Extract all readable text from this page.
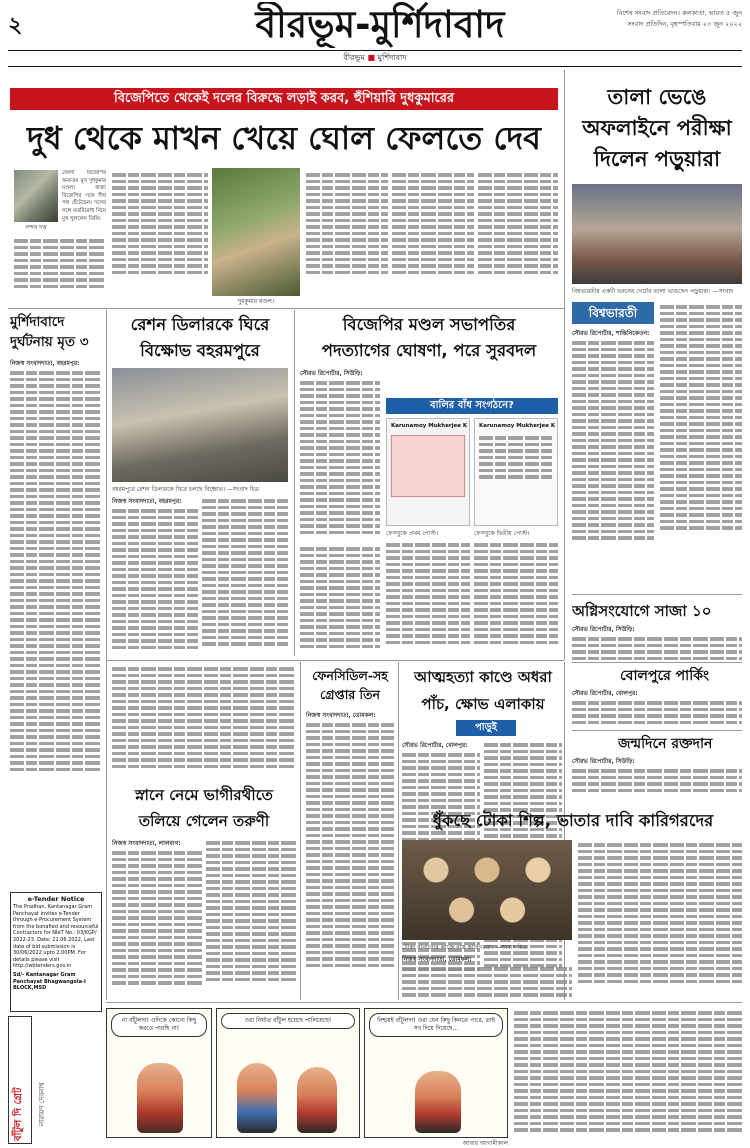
২	বীরভূম-মুর্শিদাবাদ	বিশেষ সংবাদ প্রতিবেদন। কলকাতা, ভারত ৫ জুন
সংবাদ প্রতিদিন, বৃহস্পতিবার ২৩ জুন ২০২২
বীরভূম ■ মুর্শিদাবাদ
বিজেপিতে থেকেই দলের বিরুদ্ধে লড়াই করব, হুঁশিয়ারি দুধকুমারের
দুধ থেকে মাখন খেয়ে ঘোল ফেলতে দেব
নন্দন দত্ত
জেলা বিজেপির অন্যতম মুখ দুধকুমার মণ্ডল। রাজ্য বিজেপির সঙ্গে দীর্ঘ পথ হেঁটেছেন। দলের সঙ্গে মতবিরোধ নিয়ে মুখ খুললেন তিনি।
দুধকুমার মণ্ডল।
তালা ভেঙে অফলাইনে পরীক্ষা দিলেন পড়ুয়ারা
বিশ্বভারতীর একটি ভবনের গেটের তালা ভাঙছেন পড়ুয়ারা। —সংবাদ
বিশ্বভারতী
সৌরভ রিপোর্টার, শান্তিনিকেতন:
অগ্নিসংযোগে সাজা ১০
সৌরভ রিপোর্টার, সিউড়ি:
বোলপুরে পার্কিং
সৌরভ রিপোর্টার, বোলপুর:
জন্মদিনে রক্তদান
সৌরভ রিপোর্টার, সিউড়ি:
মুর্শিদাবাদে দুর্ঘটনায় মৃত ৩
নিজস্ব সংবাদদাতা, বহরমপুর:
e-Tender Notice
The Pradhan, Kantanagar Gram Panchayat invites e-Tender through e-Procurement System from the bonafied and resourceful Contractors for NIeT No.: 03/KGP/ 2022-23. Date: 21.06.2022, Last date of bid submission is 30/06/2022 upto 2.00PM. For details please visit http://wbtenders.gov.in
Sd/- Kantanagar Gram Panchayat Bhagwangola-I BLOCK,MSD
রেশন ডিলারকে ঘিরে
বিক্ষোভ বহরমপুরে
বহরমপুরে রেশন ডিলারকে ঘিরে চলছে বিক্ষোভ। —সংবাদ চিত্র
নিজস্ব সংবাদদাতা, বহরমপুর:
বিজেপির মণ্ডল সভাপতির
পদত্যাগের ঘোষণা, পরে সুরবদল
সৌরভ রিপোর্টার, সিউড়ি:
বালির বাঁধ সংগঠনে?
Karunamoy Mukherjee K
ফেসবুকে প্রথম পোস্ট।
Karunamoy Mukherjee K
ফেসবুকে দ্বিতীয় পোস্ট।
স্নানে নেমে ভাগীরথীতে
তলিয়ে গেলেন তরুণী
নিজস্ব সংবাদদাতা, লালবাগ:
ফেনসিডিল-সহ
গ্রেপ্তার তিন
নিজস্ব সংবাদদাতা, ডোমকল:
আত্মহত্যা কাণ্ডে অধরা
পাঁচ, ক্ষোভ এলাকায়
পাড়ুই
সৌরভ রিপোর্টার, বোলপুর:
ধুঁকছে টোকা শিল্প, ভাতার দাবি কারিগরদের
টোকা বানানোর কাজে ব্যস্ত কারিগররা। —সংবাদ চিত্র
নিজস্ব সংবাদদাতা, ডোমকল:
বাঁটুল দি গ্রেট	নারায়ণ দেবনাথ
না বাঁটুলদা! ওদিকে কোনো কিছু করতে পারছি না!
ওরা নির্ঘাত বাঁটুল হয়েছে পালিয়েছে!	নিশ্চয়ই বাঁটুলদা! ওরা যেন কিছু কিনতে পারে, তাই সব দিয়ে দিয়েছে...
আবার আগামীকাল
